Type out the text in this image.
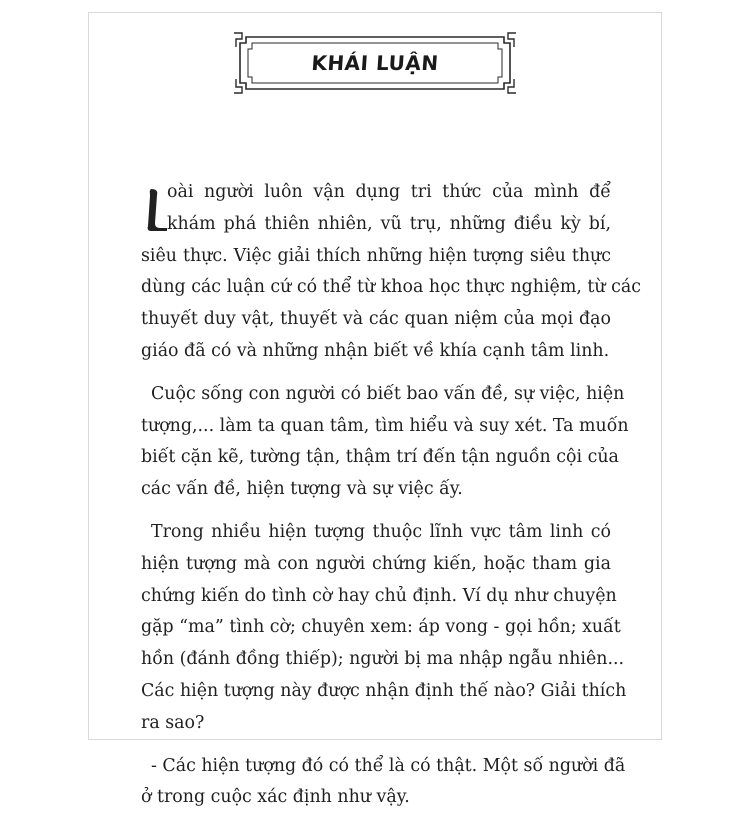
KHÁI LUẬN
oài người luôn vận dụng tri thức của mình để
khám phá thiên nhiên, vũ trụ, những điều kỳ bí,
siêu thực. Việc giải thích những hiện tượng siêu thực
dùng các luận cứ có thể từ khoa học thực nghiệm, từ các
thuyết duy vật, thuyết và các quan niệm của mọi đạo
giáo đã có và những nhận biết về khía cạnh tâm linh.
Cuộc sống con người có biết bao vấn đề, sự việc, hiện
tượng,... làm ta quan tâm, tìm hiểu và suy xét. Ta muốn
biết cặn kẽ, tường tận, thậm trí đến tận nguồn cội của
các vấn đề, hiện tượng và sự việc ấy.
Trong nhiều hiện tượng thuộc lĩnh vực tâm linh có
hiện tượng mà con người chứng kiến, hoặc tham gia
chứng kiến do tình cờ hay chủ định. Ví dụ như chuyện
gặp “ma” tình cờ; chuyên xem: áp vong - gọi hồn; xuất
hồn (đánh đồng thiếp); người bị ma nhập ngẫu nhiên...
Các hiện tượng này được nhận định thế nào? Giải thích
ra sao?
- Các hiện tượng đó có thể là có thật. Một số người đã
ở trong cuộc xác định như vậy.
